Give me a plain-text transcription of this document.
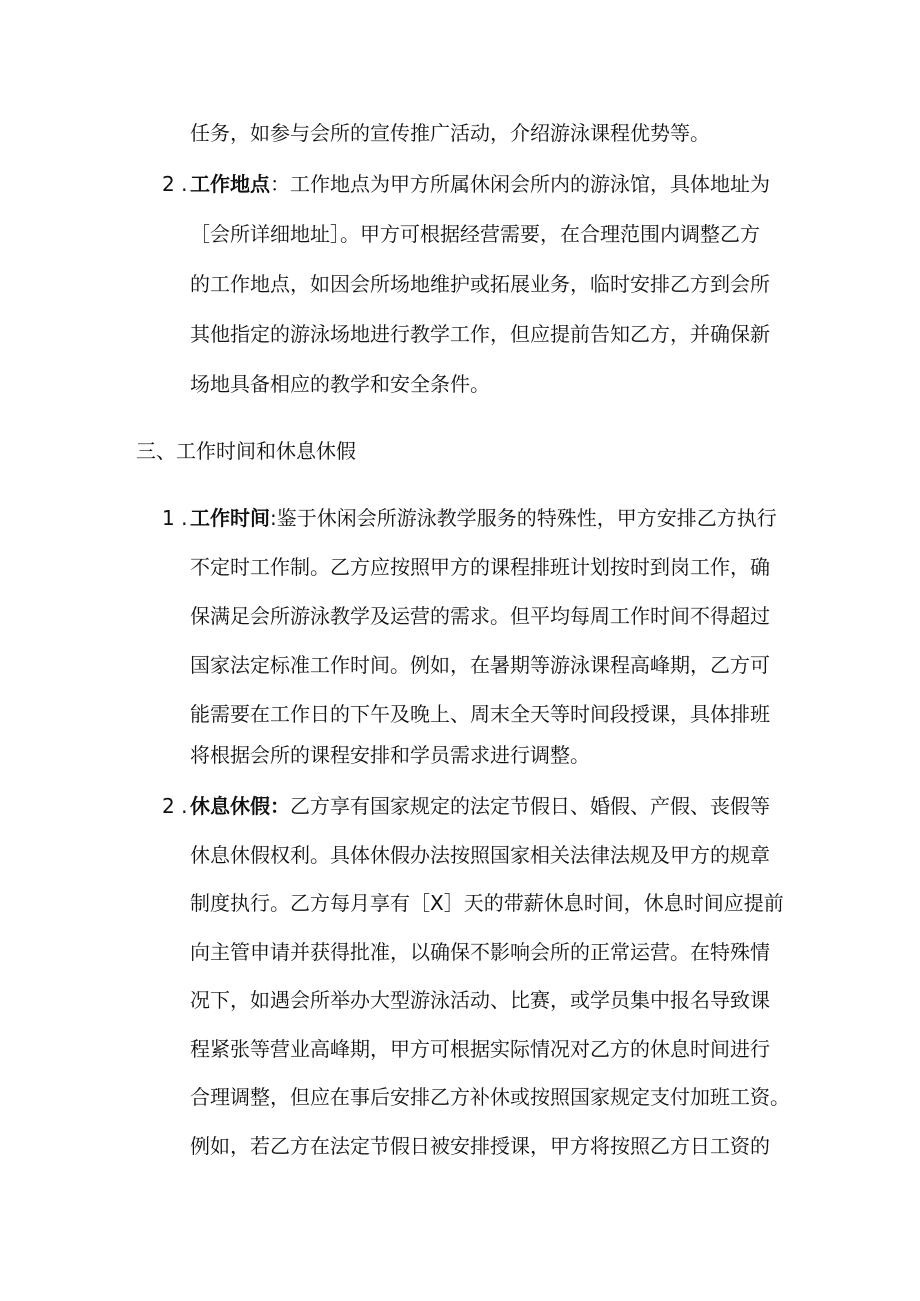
任务，如参与会所的宣传推广活动，介绍游泳课程优势等。
2 . 工作地点：工作地点为甲方所属休闲会所内的游泳馆，具体地址为
［会所详细地址］。甲方可根据经营需要，在合理范围内调整乙方
的工作地点，如因会所场地维护或拓展业务，临时安排乙方到会所
其他指定的游泳场地进行教学工作，但应提前告知乙方，并确保新
场地具备相应的教学和安全条件。
三、工作时间和休息休假
1 . 工作时间:鉴于休闲会所游泳教学服务的特殊性，甲方安排乙方执行
不定时工作制。乙方应按照甲方的课程排班计划按时到岗工作，确
保满足会所游泳教学及运营的需求。但平均每周工作时间不得超过
国家法定标准工作时间。例如，在暑期等游泳课程高峰期，乙方可
能需要在工作日的下午及晚上、周末全天等时间段授课，具体排班
将根据会所的课程安排和学员需求进行调整。
2 . 休息休假：乙方享有国家规定的法定节假日、婚假、产假、丧假等
休息休假权利。具体休假办法按照国家相关法律法规及甲方的规章
制度执行。乙方每月享有［X］天的带薪休息时间，休息时间应提前
向主管申请并获得批准，以确保不影响会所的正常运营。在特殊情
况下，如遇会所举办大型游泳活动、比赛，或学员集中报名导致课
程紧张等营业高峰期，甲方可根据实际情况对乙方的休息时间进行
合理调整，但应在事后安排乙方补休或按照国家规定支付加班工资。
例如，若乙方在法定节假日被安排授课，甲方将按照乙方日工资的
